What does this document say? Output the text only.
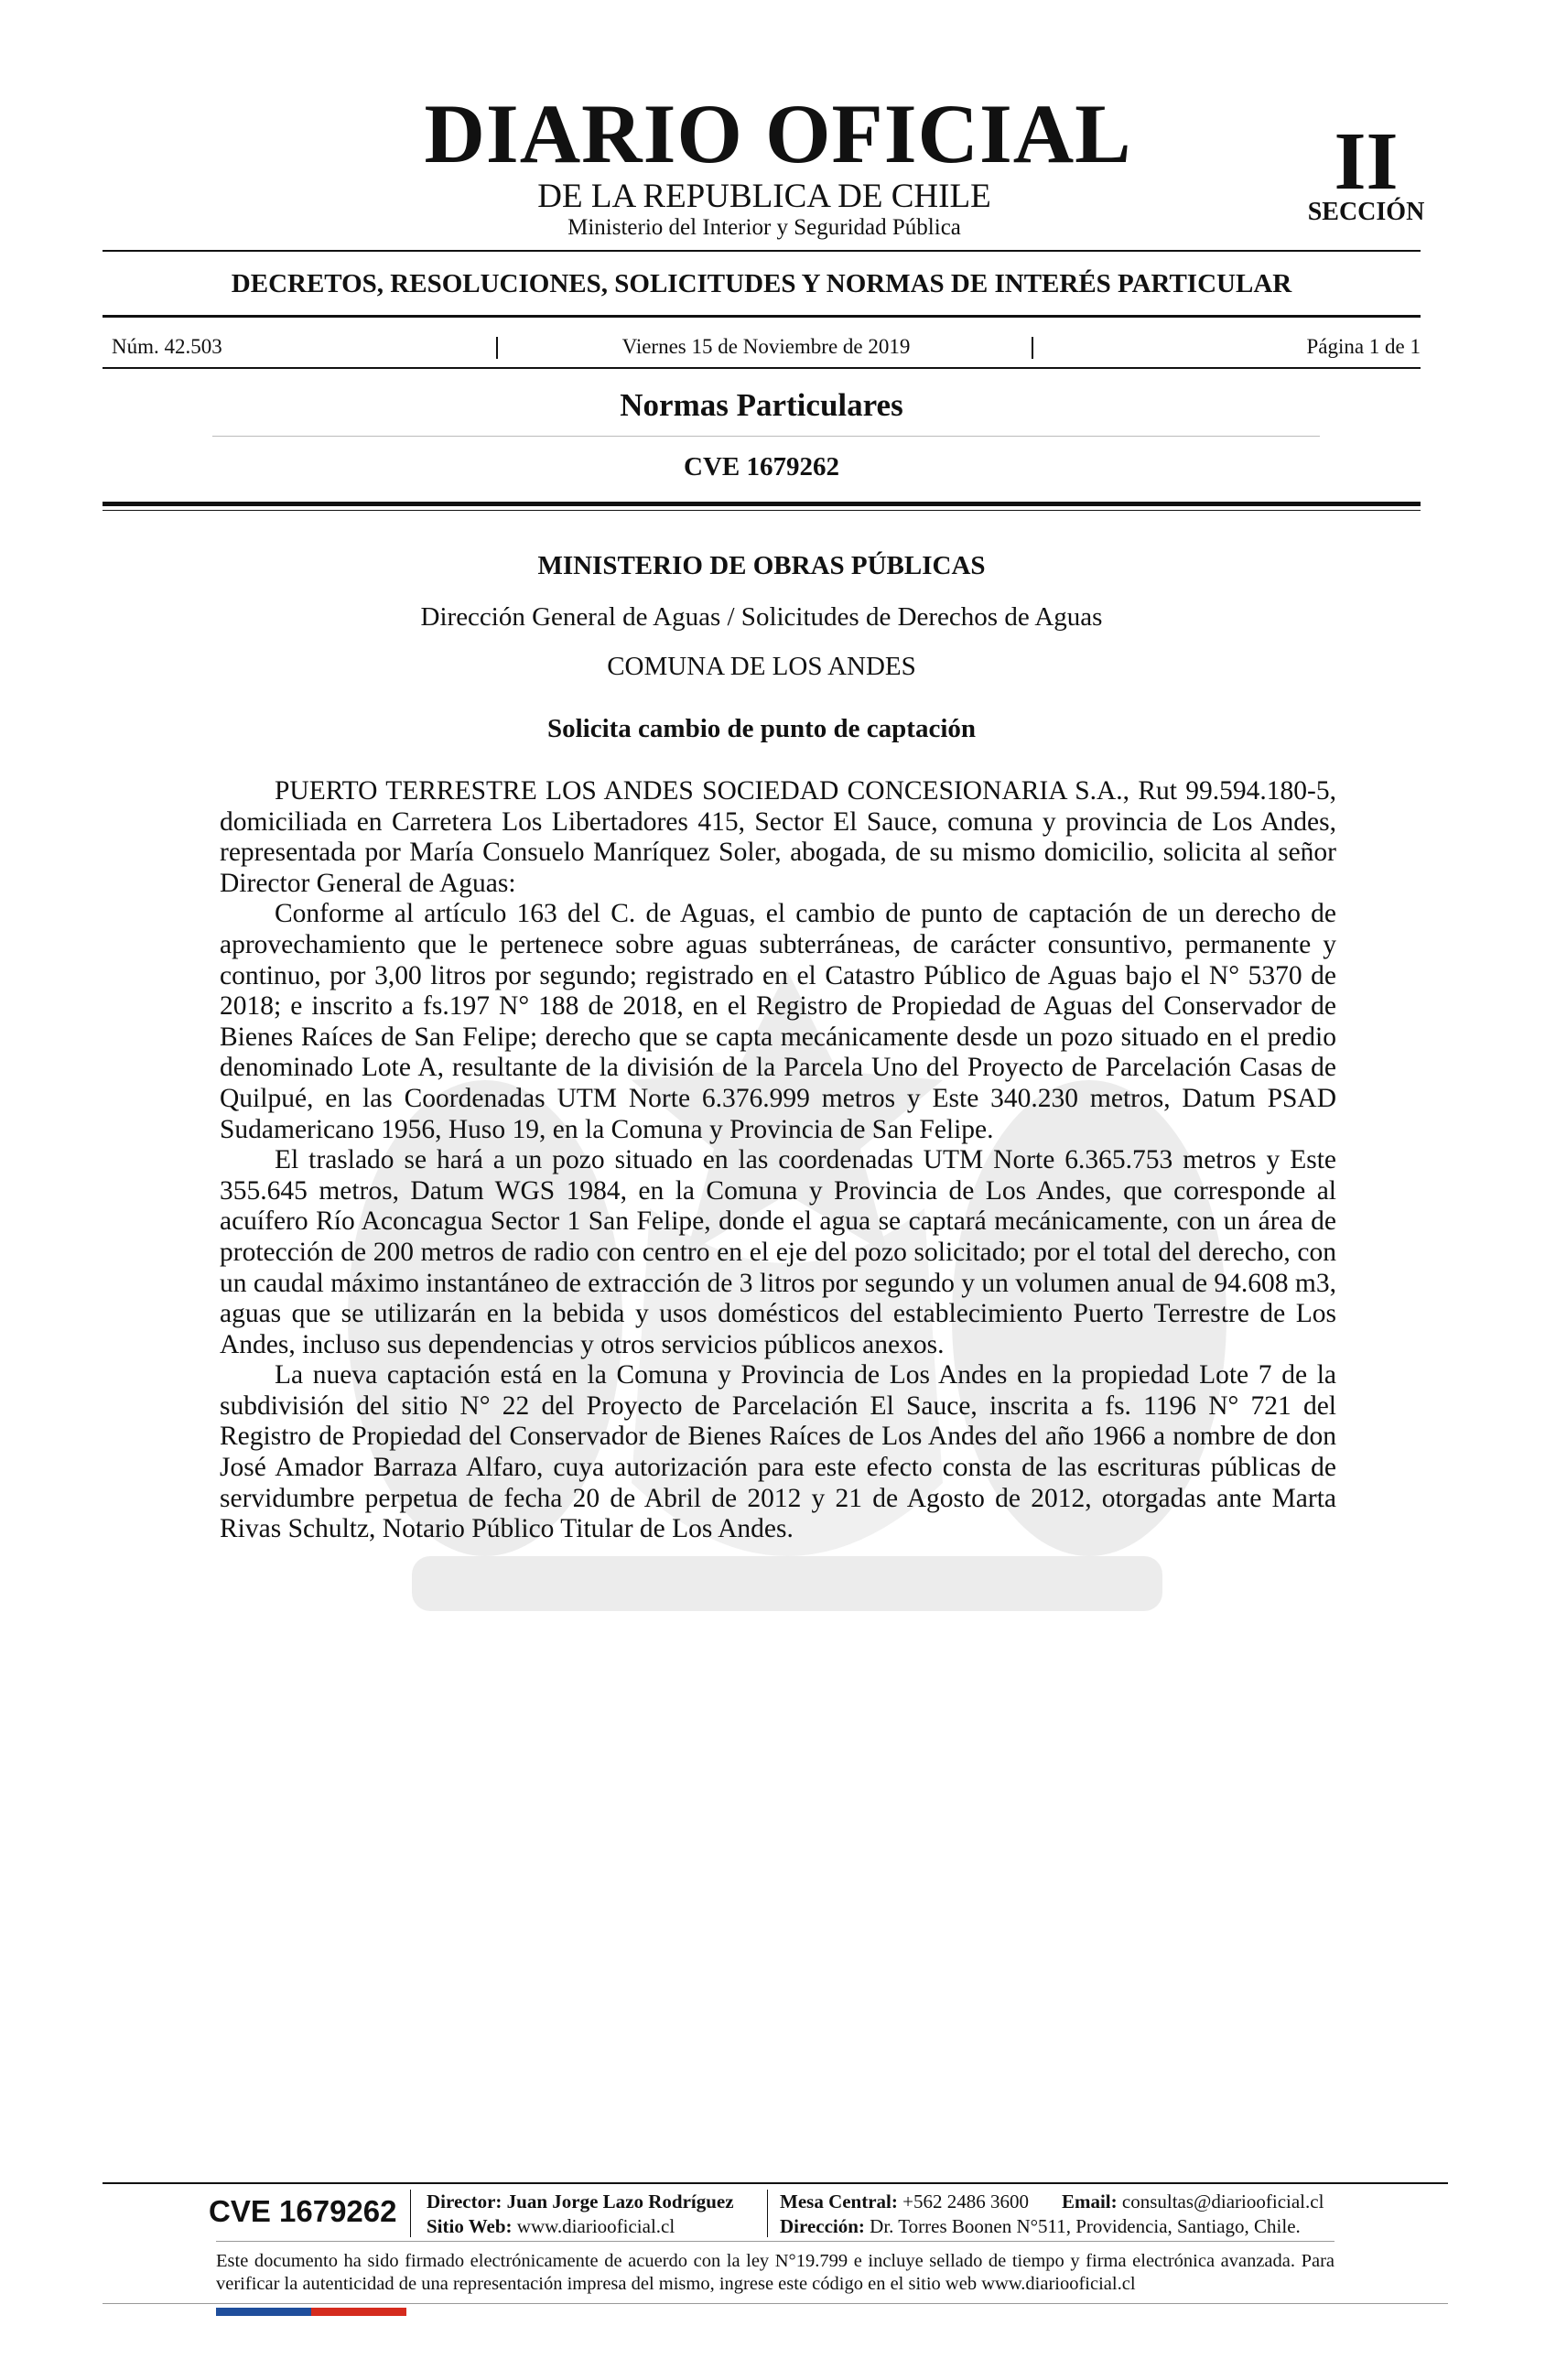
DIARIO OFICIAL
DE LA REPUBLICA DE CHILE
Ministerio del Interior y Seguridad Pública
II
SECCIÓN
DECRETOS, RESOLUCIONES, SOLICITUDES Y NORMAS DE INTERÉS PARTICULAR
Núm. 42.503	Viernes 15 de Noviembre de 2019	Página 1 de 1
Normas Particulares
CVE 1679262
MINISTERIO DE OBRAS PÚBLICAS
Dirección General de Aguas / Solicitudes de Derechos de Aguas
COMUNA DE LOS ANDES
Solicita cambio de punto de captación

PUERTO TERRESTRE LOS ANDES SOCIEDAD CONCESIONARIA S.A., Rut 99.594.180-5, domiciliada en Carretera Los Libertadores 415, Sector El Sauce, comuna y provincia de Los Andes, representada por María Consuelo Manríquez Soler, abogada, de su mismo domicilio, solicita al señor Director General de Aguas:

Conforme al artículo 163 del C. de Aguas, el cambio de punto de captación de un derecho de aprovechamiento que le pertenece sobre aguas subterráneas, de carácter consuntivo, permanente y continuo, por 3,00 litros por segundo; registrado en el Catastro Público de Aguas bajo el N° 5370 de 2018; e inscrito a fs.197 N° 188 de 2018, en el Registro de Propiedad de Aguas del Conservador de Bienes Raíces de San Felipe; derecho que se capta mecánicamente desde un pozo situado en el predio denominado Lote A, resultante de la división de la Parcela Uno del Proyecto de Parcelación Casas de Quilpué, en las Coordenadas UTM Norte 6.376.999 metros y Este 340.230 metros, Datum PSAD Sudamericano 1956, Huso 19, en la Comuna y Provincia de San Felipe.

El traslado se hará a un pozo situado en las coordenadas UTM Norte 6.365.753 metros y Este 355.645 metros, Datum WGS 1984, en la Comuna y Provincia de Los Andes, que corresponde al acuífero Río Aconcagua Sector 1 San Felipe, donde el agua se captará mecánicamente, con un área de protección de 200 metros de radio con centro en el eje del pozo solicitado; por el total del derecho, con un caudal máximo instantáneo de extracción de 3 litros por segundo y un volumen anual de 94.608 m3, aguas que se utilizarán en la bebida y usos domésticos del establecimiento Puerto Terrestre de Los Andes, incluso sus dependencias y otros servicios públicos anexos.

La nueva captación está en la Comuna y Provincia de Los Andes en la propiedad Lote 7 de la subdivisión del sitio N° 22 del Proyecto de Parcelación El Sauce, inscrita a fs. 1196 N° 721 del Registro de Propiedad del Conservador de Bienes Raíces de Los Andes del año 1966 a nombre de don José Amador Barraza Alfaro, cuya autorización para este efecto consta de las escrituras públicas de servidumbre perpetua de fecha 20 de Abril de 2012 y 21 de Agosto de 2012, otorgadas ante Marta Rivas Schultz, Notario Público Titular de Los Andes.

CVE 1679262 Director: Juan Jorge Lazo Rodríguez
Sitio Web: www.diariooficial.cl
Mesa Central: +562 2486 3600 Email: consultas@diariooficial.cl
Dirección: Dr. Torres Boonen N°511, Providencia, Santiago, Chile.
Este documento ha sido firmado electrónicamente de acuerdo con la ley N°19.799 e incluye sellado de tiempo y firma electrónica avanzada. Para verificar la autenticidad de una representación impresa del mismo, ingrese este código en el sitio web www.diariooficial.cl
